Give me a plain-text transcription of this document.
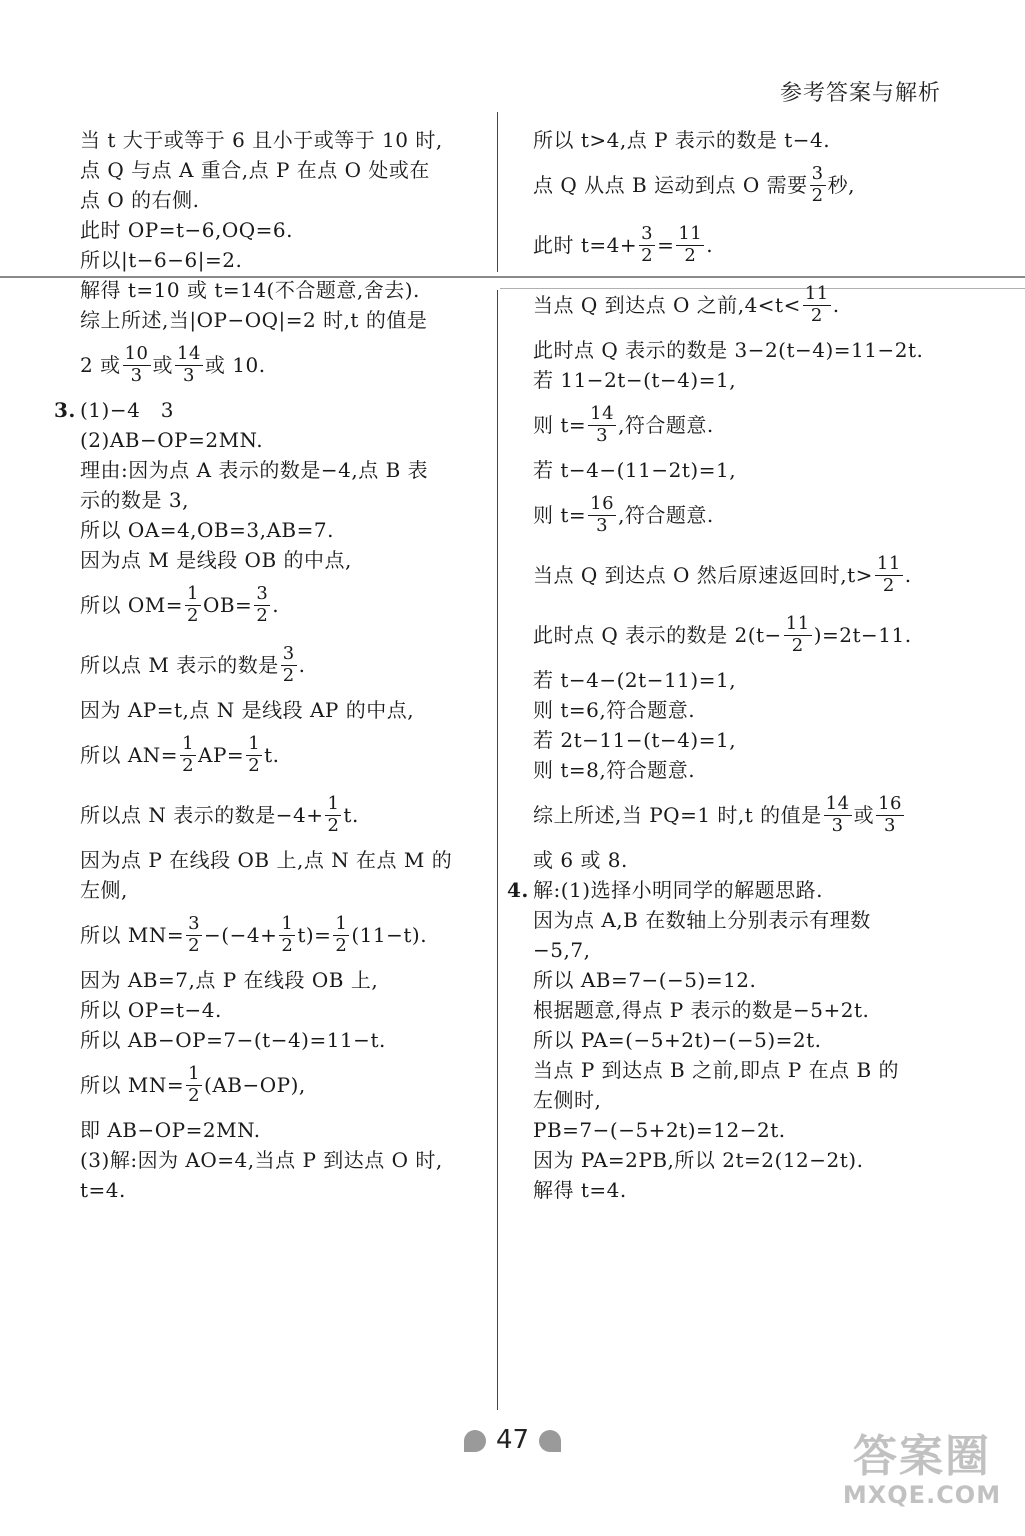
参考答案与解析
当 t 大于或等于 6 且小于或等于 10 时,
点 Q 与点 A 重合,点 P 在点 O 处或在
点 O 的右侧.
此时 OP=t−6,OQ=6.
所以|t−6−6|=2.
解得 t=10 或 t=14(不合题意,舍去).
综上所述,当|OP−OQ|=2 时,t 的值是
2 或 $\frac{10}{3}$ 或 $\frac{14}{3}$ 或 10.
3. (1)−4　3
(2)AB−OP=2MN.
理由:因为点 A 表示的数是−4,点 B 表
示的数是 3,
所以 OA=4,OB=3,AB=7.
因为点 M 是线段 OB 的中点,
所以 $OM= \frac{1}{2} OB= \frac{3}{2}$ .
所以点 M 表示的数是 $\frac{3}{2}$ .
因为 AP=t,点 N 是线段 AP 的中点,
所以 $AN= \frac{1}{2} AP= \frac{1}{2} t$.
所以点 N 表示的数是$-4+ \frac{1}{2} t$.
因为点 P 在线段 OB 上,点 N 在点 M 的
左侧,
所以 $MN= \frac{3}{2} -(-4+ \frac{1}{2} t)= \frac{1}{2} (11-t)$.
因为 AB=7,点 P 在线段 OB 上,
所以 OP=t−4.
所以 AB−OP=7−(t−4)=11−t.
所以 $MN= \frac{1}{2} (AB-OP)$,
即 AB−OP=2MN.
(3)解:因为 AO=4,当点 P 到达点 O 时,
t=4.
所以 t>4,点 P 表示的数是 t−4.
点 Q 从点 B 运动到点 O 需要 $\frac{3}{2}$ 秒,
此时 $t=4+ \frac{3}{2} = \frac{11}{2}$ .
当点 Q 到达点 O 之前$,4<t< \frac{11}{2}$ .
此时点 Q 表示的数是 3−2(t−4)=11−2t.
若 11−2t−(t−4)=1,
则 $t= \frac{14}{3}$ ,符合题意.
若 t−4−(11−2t)=1,
则 $t= \frac{16}{3}$ ,符合题意.
当点 Q 到达点 O 然后原速返回时$,t> \frac{11}{2}$ .
此时点 Q 表示的数是 $2(t- \frac{11}{2} )=2t-11$.
若 t−4−(2t−11)=1,
则 t=6,符合题意.
若 2t−11−(t−4)=1,
则 t=8,符合题意.
综上所述,当 PQ=1 时,t 的值是 $\frac{14}{3}$ 或 $\frac{16}{3}$
或 6 或 8.
4. 解:(1)选择小明同学的解题思路.
因为点 A,B 在数轴上分别表示有理数
−5,7,
所以 AB=7−(−5)=12.
根据题意,得点 P 表示的数是−5+2t.
所以 PA=(−5+2t)−(−5)=2t.
当点 P 到达点 B 之前,即点 P 在点 B 的
左侧时,
PB=7−(−5+2t)=12−2t.
因为 PA=2PB,所以 2t=2(12−2t).
解得 t=4.
47	答案圈
MXQE.COM
